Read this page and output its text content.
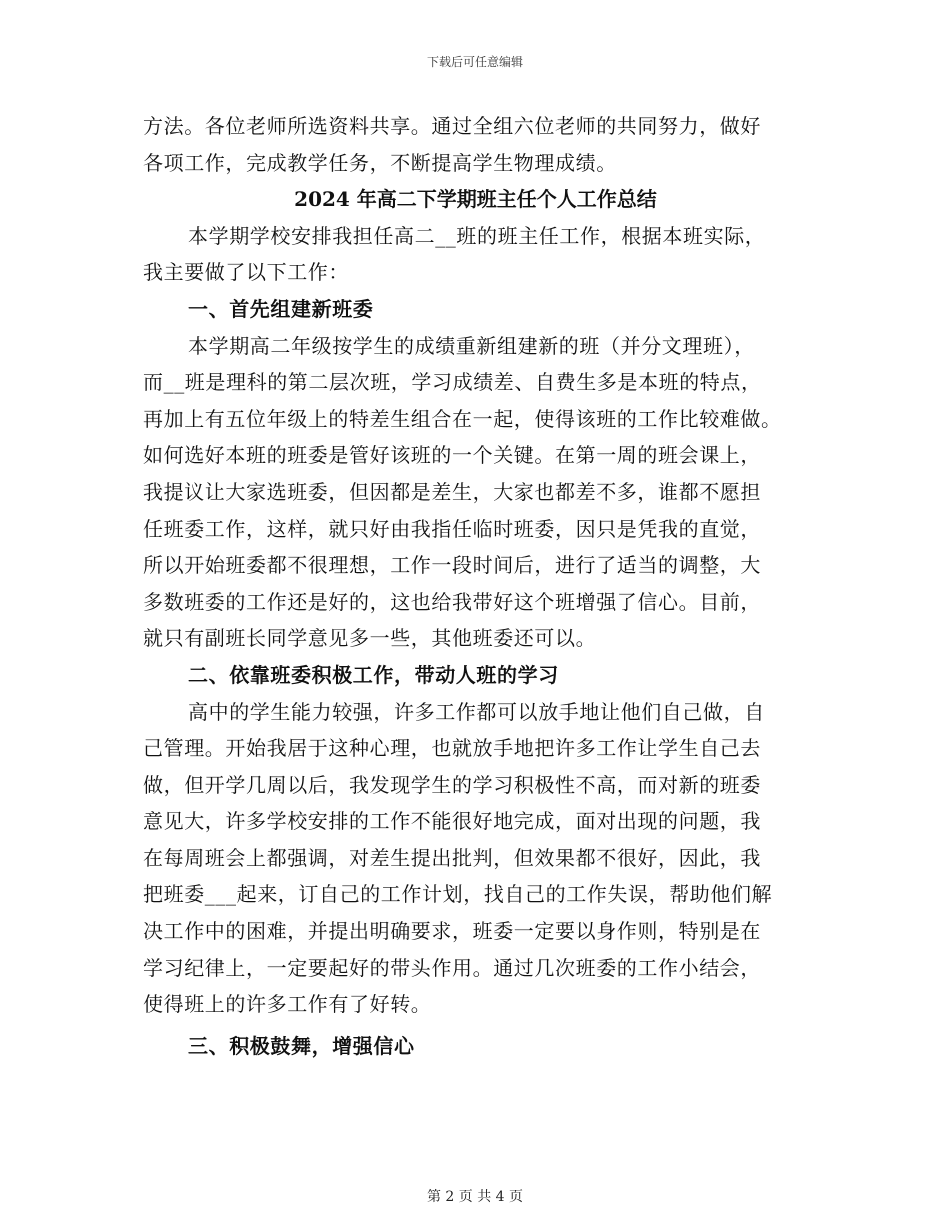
下载后可任意编辑
方法。各位老师所选资料共享。通过全组六位老师的共同努力，做好
各项工作，完成教学任务，不断提高学生物理成绩。
2024 年高二下学期班主任个人工作总结
本学期学校安排我担任高二__班的班主任工作，根据本班实际，
我主要做了以下工作：
一、首先组建新班委
本学期高二年级按学生的成绩重新组建新的班（并分文理班），
而__班是理科的第二层次班，学习成绩差、自费生多是本班的特点，
再加上有五位年级上的特差生组合在一起，使得该班的工作比较难做。
如何选好本班的班委是管好该班的一个关键。在第一周的班会课上，
我提议让大家选班委，但因都是差生，大家也都差不多，谁都不愿担
任班委工作，这样，就只好由我指任临时班委，因只是凭我的直觉，
所以开始班委都不很理想，工作一段时间后，进行了适当的调整，大
多数班委的工作还是好的，这也给我带好这个班增强了信心。目前，
就只有副班长同学意见多一些，其他班委还可以。
二、依靠班委积极工作，带动人班的学习
高中的学生能力较强，许多工作都可以放手地让他们自己做，自
己管理。开始我居于这种心理，也就放手地把许多工作让学生自己去
做，但开学几周以后，我发现学生的学习积极性不高，而对新的班委
意见大，许多学校安排的工作不能很好地完成，面对出现的问题，我
在每周班会上都强调，对差生提出批判，但效果都不很好，因此，我
把班委___起来，订自己的工作计划，找自己的工作失误，帮助他们解
决工作中的困难，并提出明确要求，班委一定要以身作则，特别是在
学习纪律上，一定要起好的带头作用。通过几次班委的工作小结会，
使得班上的许多工作有了好转。
三、积极鼓舞，增强信心
第 2 页 共 4 页
